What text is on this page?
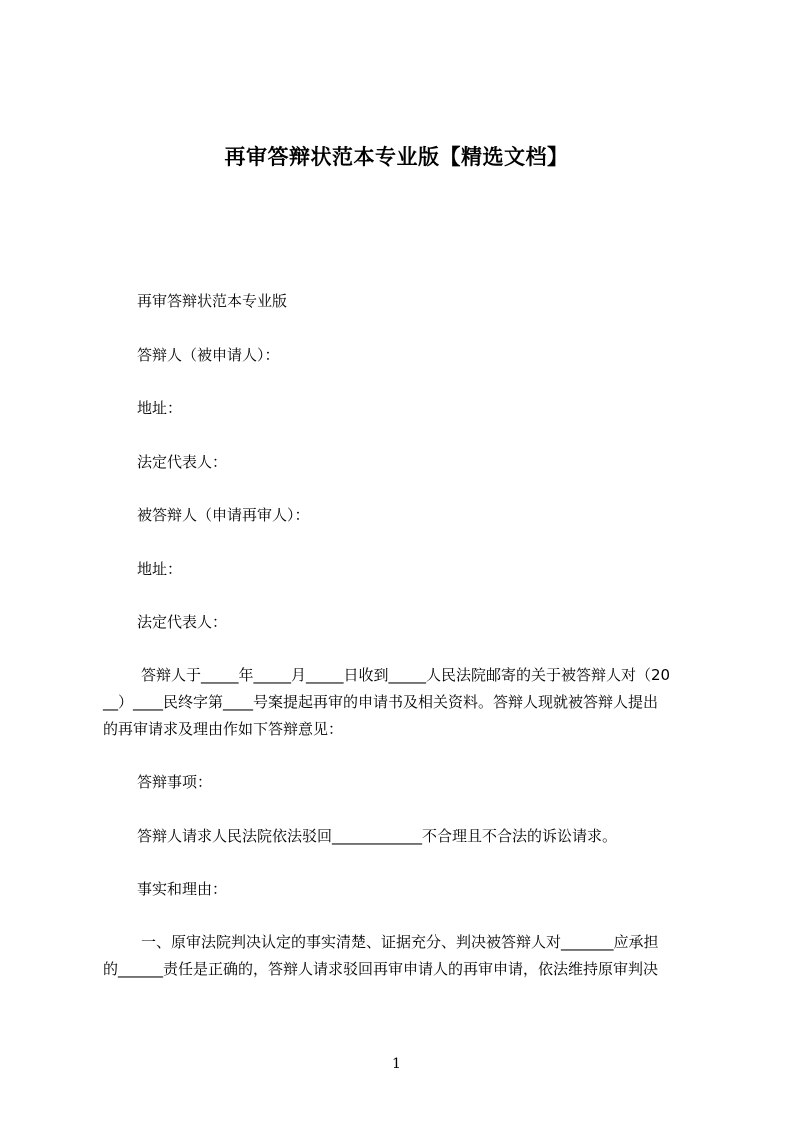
再审答辩状范本专业版【精选文档】
再审答辩状范本专业版
答辩人（被申请人）：
地址：
法定代表人：
被答辩人（申请再审人）：
地址：
法定代表人：
答辩人于_____年_____月_____日收到_____人民法院邮寄的关于被答辩人对（20
__）____民终字第____号案提起再审的申请书及相关资料。答辩人现就被答辩人提出
的再审请求及理由作如下答辩意见：
答辩事项：
答辩人请求人民法院依法驳回____________不合理且不合法的诉讼请求。
事实和理由：
一、原审法院判决认定的事实清楚、证据充分、判决被答辩人对_______应承担
的______责任是正确的，答辩人请求驳回再审申请人的再审申请，依法维持原审判决
1
